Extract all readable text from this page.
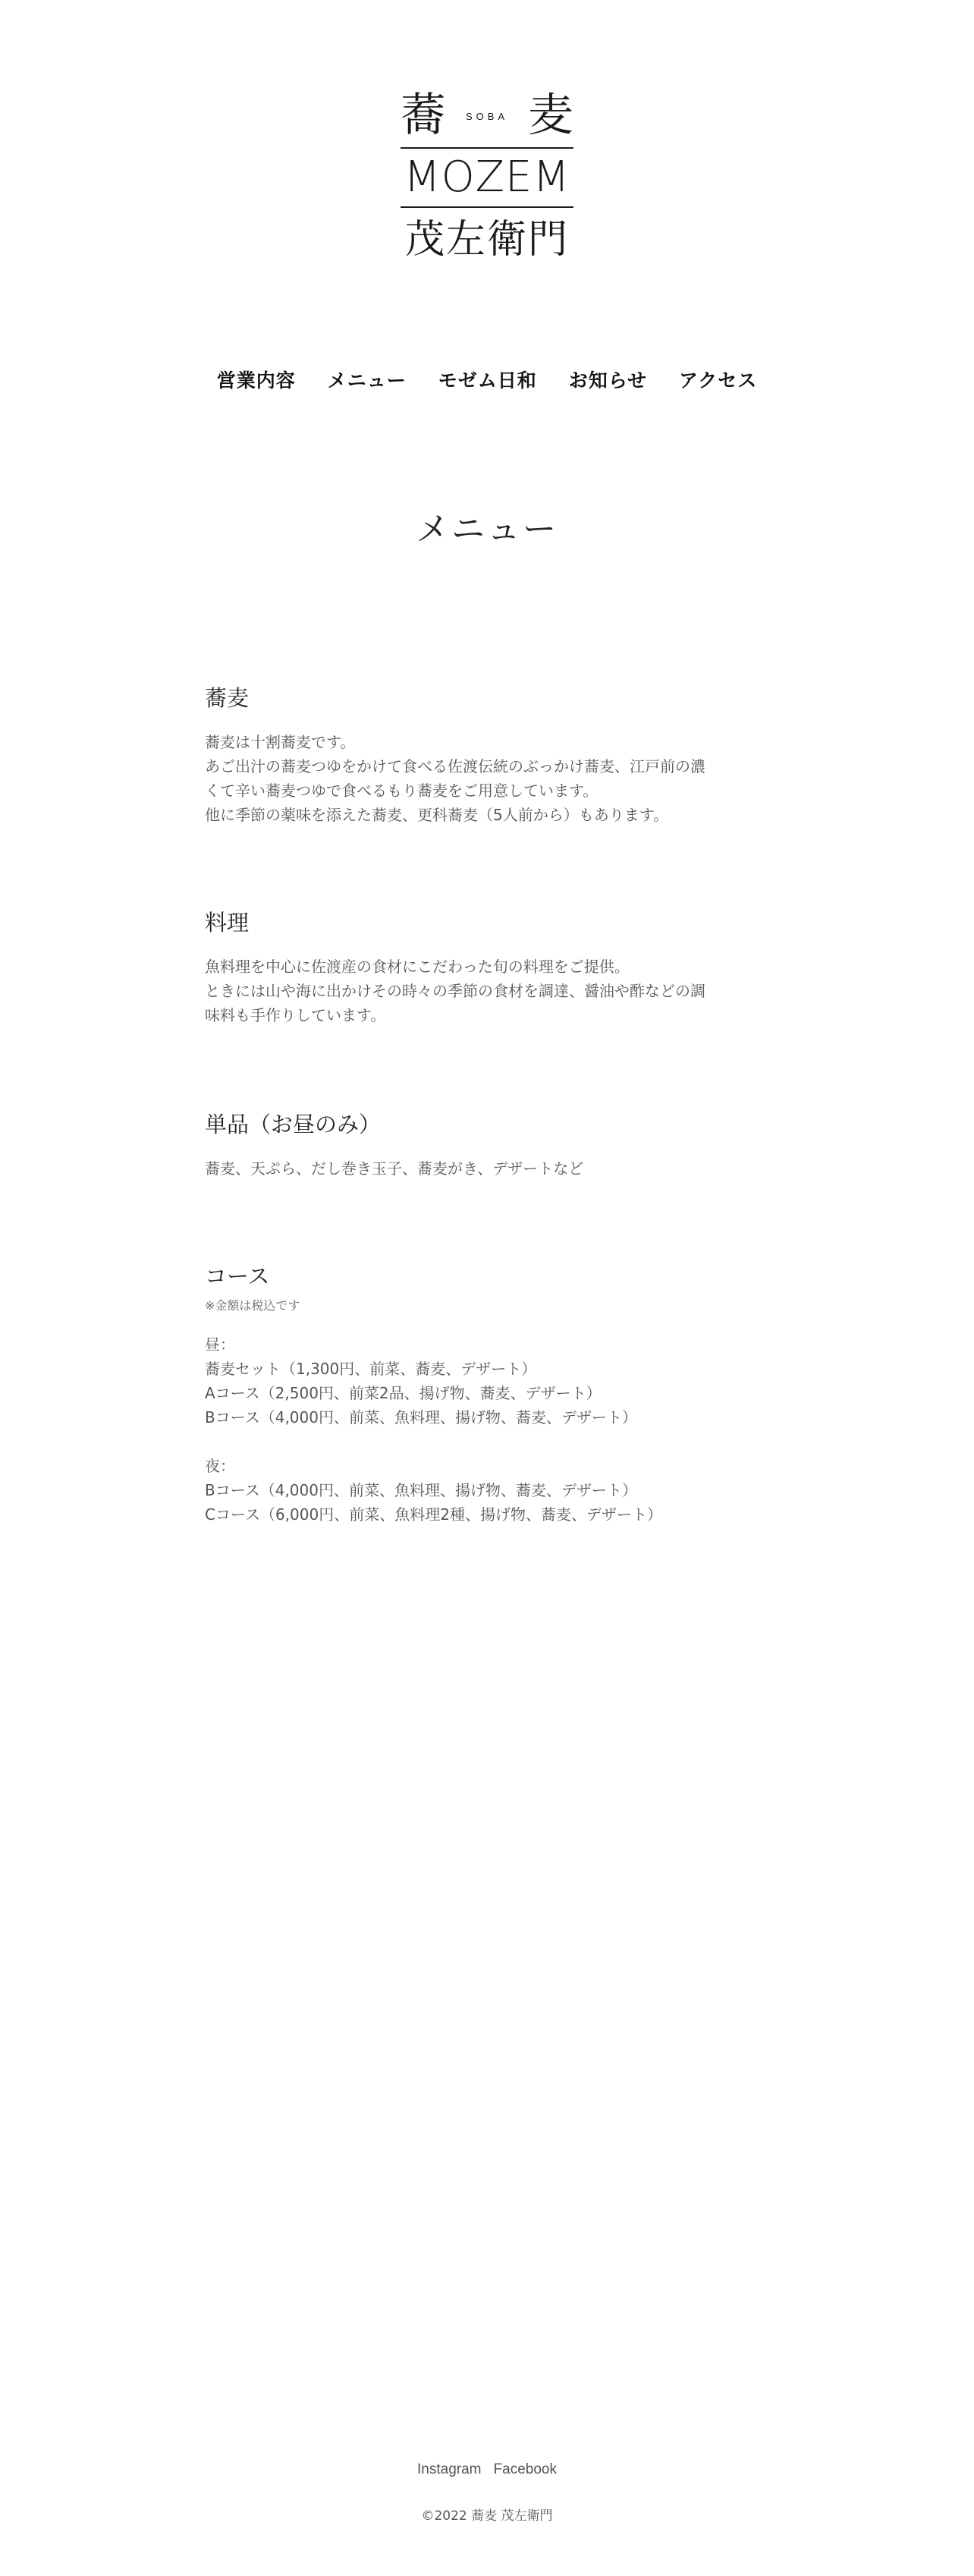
蕎	SOBA 麦
MOZEM
茂左衛門
営業内容 メニュー モゼム日和 お知らせ アクセス
メニュー
蕎麦

蕎麦は十割蕎麦です。

あご出汁の蕎麦つゆをかけて食べる佐渡伝統のぶっかけ蕎麦、江戸前の濃

くて辛い蕎麦つゆで食べるもり蕎麦をご用意しています。

他に季節の薬味を添えた蕎麦、更科蕎麦（5人前から）もあります。

料理

魚料理を中心に佐渡産の食材にこだわった旬の料理をご提供。

ときには山や海に出かけその時々の季節の食材を調達、醤油や酢などの調

味料も手作りしています。

単品（お昼のみ）

蕎麦、天ぷら、だし巻き玉子、蕎麦がき、デザートなど

コース

※金額は税込です

昼：

蕎麦セット（1,300円、前菜、蕎麦、デザート）

Aコース（2,500円、前菜2品、揚げ物、蕎麦、デザート）

Bコース（4,000円、前菜、魚料理、揚げ物、蕎麦、デザート）

夜：

Bコース（4,000円、前菜、魚料理、揚げ物、蕎麦、デザート）

Cコース（6,000円、前菜、魚料理2種、揚げ物、蕎麦、デザート）

Instagram Facebook
©2022 蕎麦 茂左衛門
